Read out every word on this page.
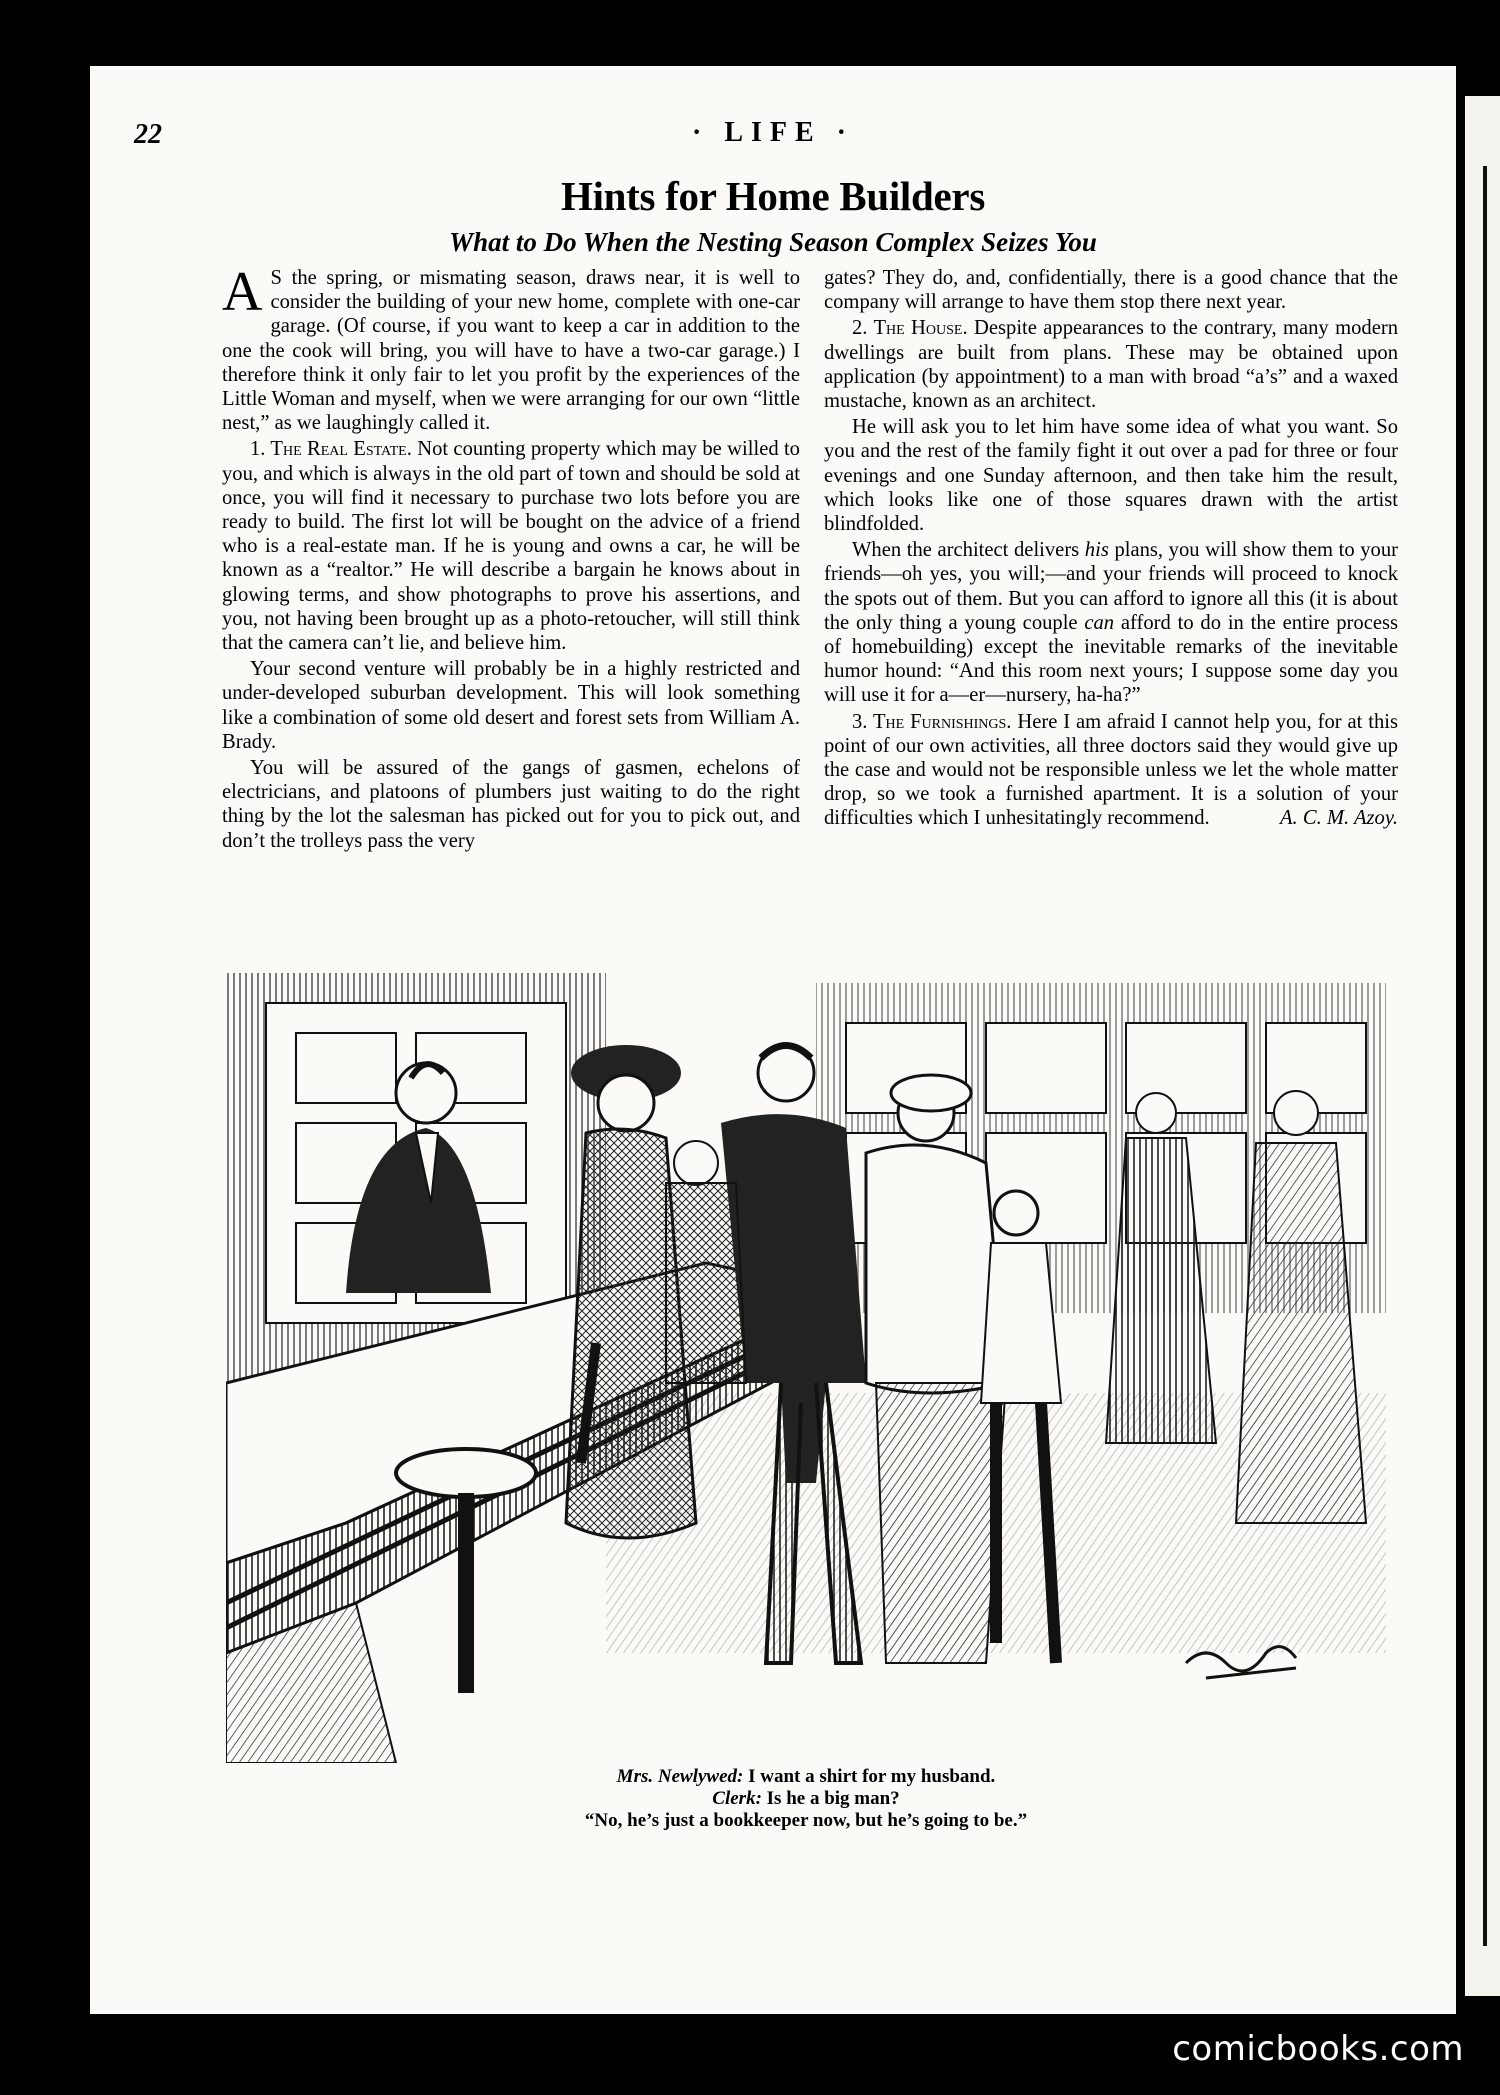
22	· LIFE ·
Hints for Home Builders
What to Do When the Nesting Season Complex Seizes You

A S the spring, or mismating season, draws near, it is well to consider the building of your new home, complete with one-car garage. (Of course, if you want to keep a car in addition to the one the cook will bring, you will have to have a two-car garage.) I therefore think it only fair to let you profit by the experiences of the Little Woman and myself, when we were arranging for our own “little nest,” as we laughingly called it.

1. The Real Estate. Not counting property which may be willed to you, and which is always in the old part of town and should be sold at once, you will find it necessary to purchase two lots before you are ready to build. The first lot will be bought on the advice of a friend who is a real-estate man. If he is young and owns a car, he will be known as a “realtor.” He will describe a bargain he knows about in glowing terms, and show photographs to prove his assertions, and you, not having been brought up as a photo-retoucher, will still think that the camera can’t lie, and believe him.

Your second venture will probably be in a highly restricted and under-developed suburban development. This will look something like a combination of some old desert and forest sets from William A. Brady.

You will be assured of the gangs of gasmen, echelons of electricians, and platoons of plumbers just waiting to do the right thing by the lot the salesman has picked out for you to pick out, and don’t the trolleys pass the very

gates? They do, and, confidentially, there is a good chance that the company will arrange to have them stop there next year.

2. The House. Despite appearances to the contrary, many modern dwellings are built from plans. These may be obtained upon application (by appointment) to a man with broad “a’s” and a waxed mustache, known as an architect.

He will ask you to let him have some idea of what you want. So you and the rest of the family fight it out over a pad for three or four evenings and one Sunday afternoon, and then take him the result, which looks like one of those squares drawn with the artist blindfolded.

When the architect delivers his plans, you will show them to your friends—oh yes, you will;—and your friends will proceed to knock the spots out of them. But you can afford to ignore all this (it is about the only thing a young couple can afford to do in the entire process of homebuilding) except the inevitable remarks of the inevitable humor hound: “And this room next yours; I suppose some day you will use it for a—er—nursery, ha-ha?”

3. The Furnishings. Here I am afraid I cannot help you, for at this point of our own activities, all three doctors said they would give up the case and would not be responsible unless we let the whole matter drop, so we took a furnished apartment. It is a solution of your difficulties which I unhesitatingly recommend.	A. C. M. Azoy.

Mrs. Newlywed: I want a shirt for my husband.
Clerk: Is he a big man?
“No, he’s just a bookkeeper now, but he’s going to be.”
comicbooks.com
